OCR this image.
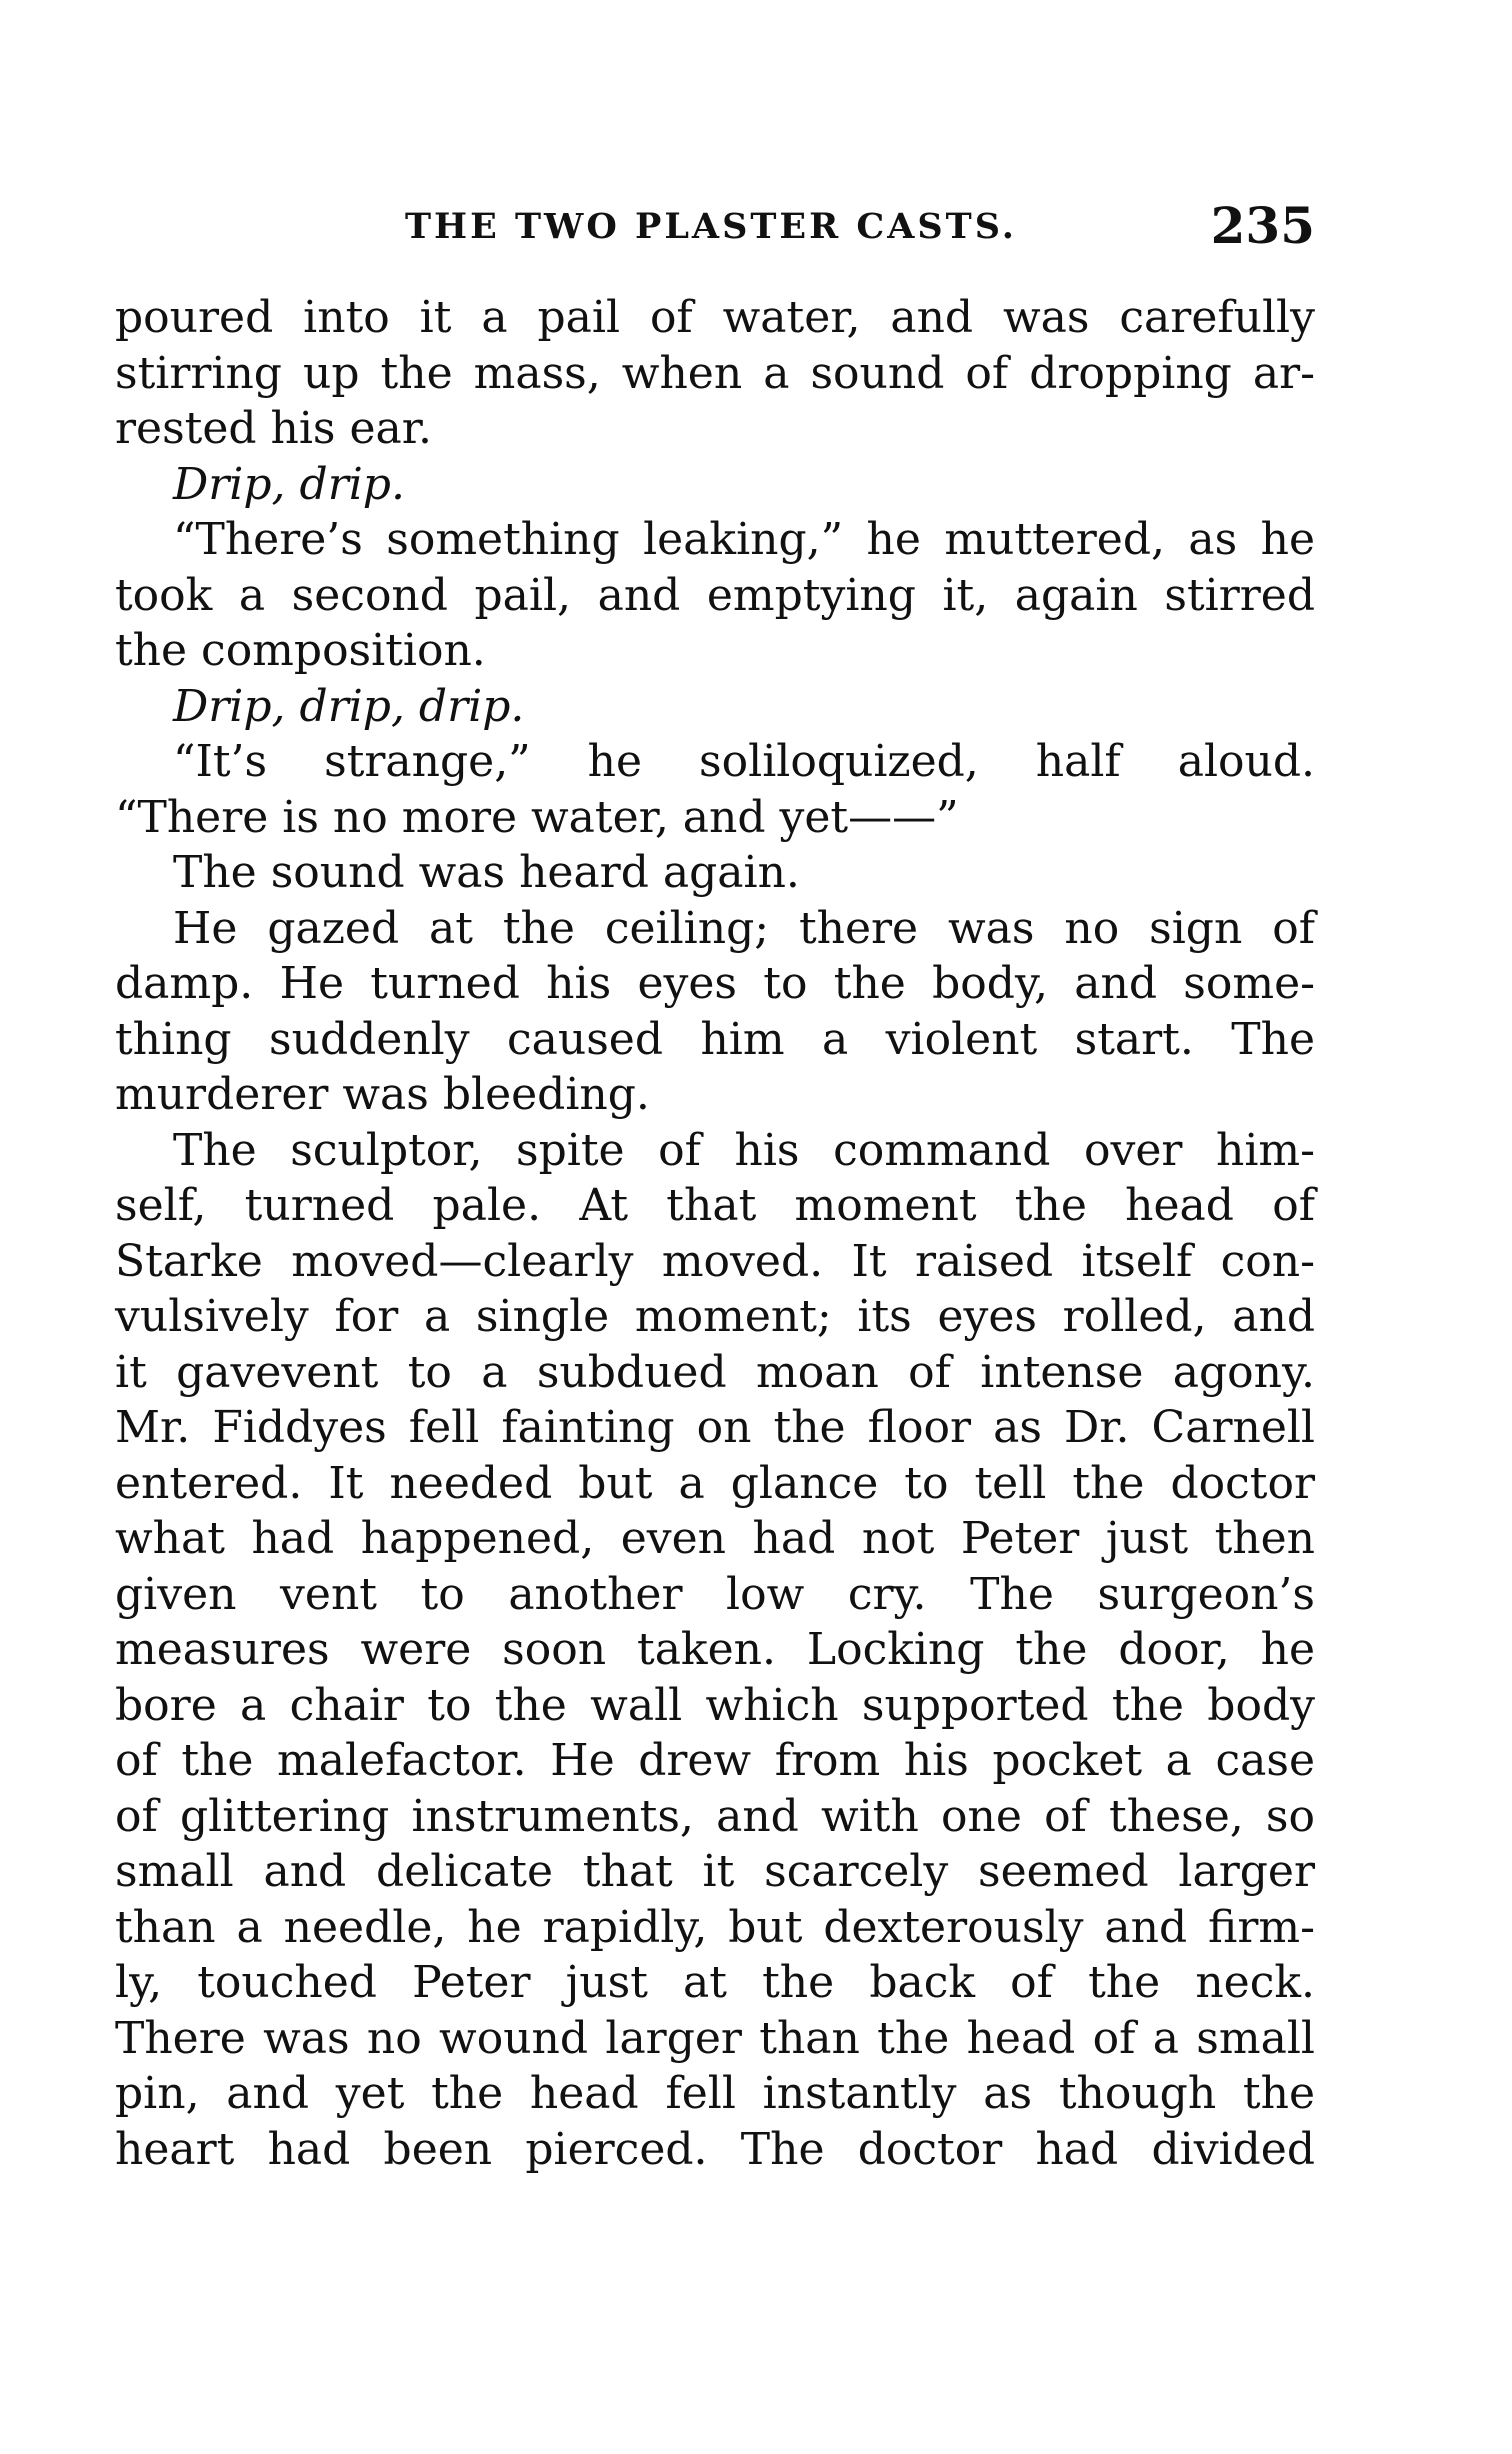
THE TWO PLASTER CASTS.	235
poured into it a pail of water, and was carefully
stirring up the mass, when a sound of dropping ar-
rested his ear.
Drip, drip.
“There’s something leaking,” he muttered, as he
took a second pail, and emptying it, again stirred
the composition.
Drip, drip, drip.
“It’s strange,” he soliloquized, half aloud.
“There is no more water, and yet——”
The sound was heard again.
He gazed at the ceiling; there was no sign of
damp. He turned his eyes to the body, and some-
thing suddenly caused him a violent start. The
murderer was bleeding.
The sculptor, spite of his command over him-
self, turned pale. At that moment the head of
Starke moved—clearly moved. It raised itself con-
vulsively for a single moment; its eyes rolled, and
it gavevent to a subdued moan of intense agony.
Mr. Fiddyes fell fainting on the floor as Dr. Carnell
entered. It needed but a glance to tell the doctor
what had happened, even had not Peter just then
given vent to another low cry. The surgeon’s
measures were soon taken. Locking the door, he
bore a chair to the wall which supported the body
of the malefactor. He drew from his pocket a case
of glittering instruments, and with one of these, so
small and delicate that it scarcely seemed larger
than a needle, he rapidly, but dexterously and firm-
ly, touched Peter just at the back of the neck.
There was no wound larger than the head of a small
pin, and yet the head fell instantly as though the
heart had been pierced. The doctor had divided
